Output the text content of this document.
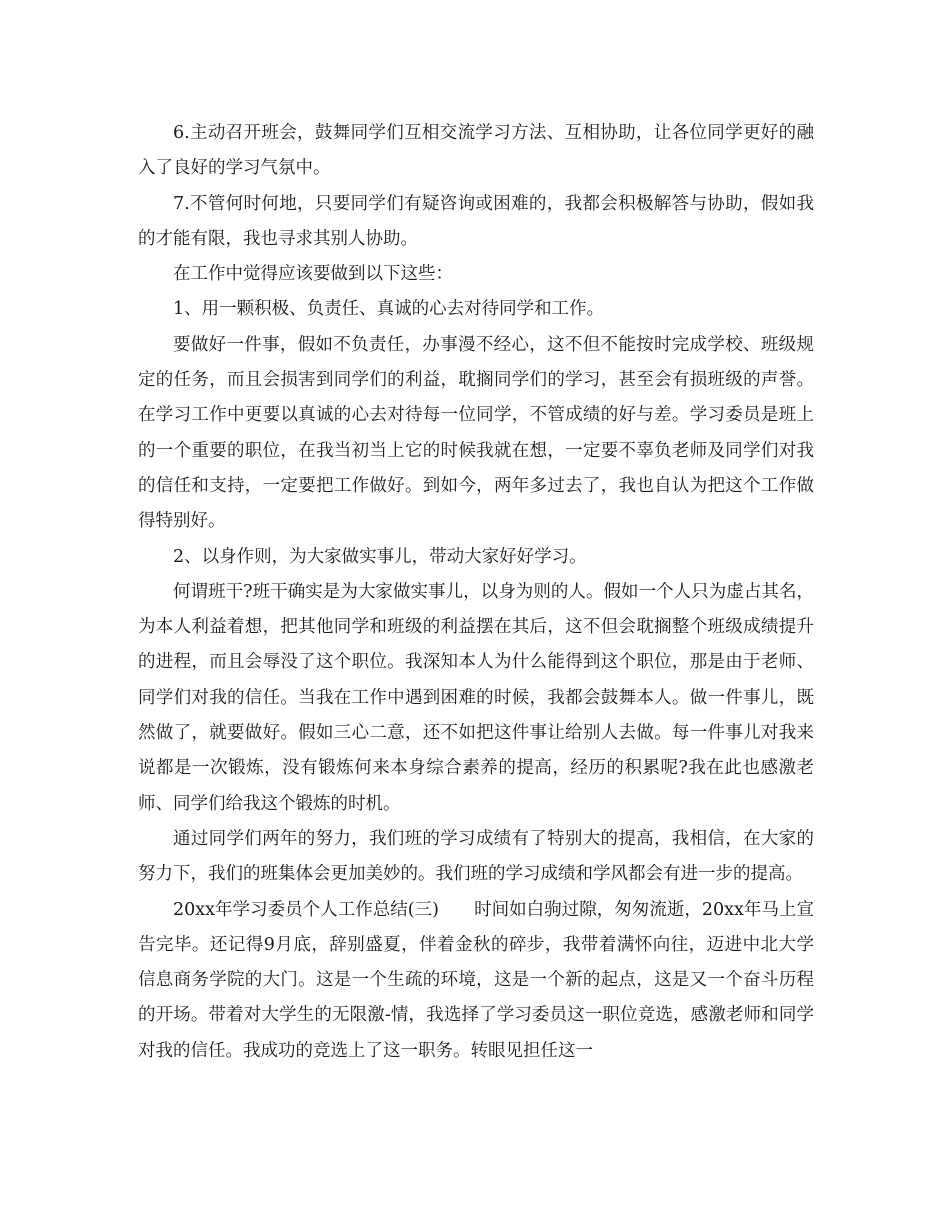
6.主动召开班会，鼓舞同学们互相交流学习方法、互相协助，让各位同学更好的融入了良好的学习气氛中。

7.不管何时何地，只要同学们有疑咨询或困难的，我都会积极解答与协助，假如我的才能有限，我也寻求其别人协助。

在工作中觉得应该要做到以下这些：

1、用一颗积极、负责任、真诚的心去对待同学和工作。

要做好一件事，假如不负责任，办事漫不经心，这不但不能按时完成学校、班级规定的任务，而且会损害到同学们的利益，耽搁同学们的学习，甚至会有损班级的声誉。在学习工作中更要以真诚的心去对待每一位同学，不管成绩的好与差。学习委员是班上的一个重要的职位，在我当初当上它的时候我就在想，一定要不辜负老师及同学们对我的信任和支持，一定要把工作做好。到如今，两年多过去了，我也自认为把这个工作做得特别好。

2、以身作则，为大家做实事儿，带动大家好好学习。

何谓班干?班干确实是为大家做实事儿，以身为则的人。假如一个人只为虚占其名，为本人利益着想，把其他同学和班级的利益摆在其后，这不但会耽搁整个班级成绩提升的进程，而且会辱没了这个职位。我深知本人为什么能得到这个职位，那是由于老师、同学们对我的信任。当我在工作中遇到困难的时候，我都会鼓舞本人。做一件事儿，既然做了，就要做好。假如三心二意，还不如把这件事让给别人去做。每一件事儿对我来说都是一次锻炼，没有锻炼何来本身综合素养的提高，经历的积累呢?我在此也感激老师、同学们给我这个锻炼的时机。

通过同学们两年的努力，我们班的学习成绩有了特别大的提高，我相信，在大家的努力下，我们的班集体会更加美妙的。我们班的学习成绩和学风都会有进一步的提高。

20xx年学习委员个人工作总结(三)　　时间如白驹过隙，匆匆流逝，20xx年马上宣告完毕。还记得9月底，辞别盛夏，伴着金秋的碎步，我带着满怀向往，迈进中北大学信息商务学院的大门。这是一个生疏的环境，这是一个新的起点，这是又一个奋斗历程的开场。带着对大学生的无限激-情，我选择了学习委员这一职位竞选，感激老师和同学对我的信任。我成功的竞选上了这一职务。转眼见担任这一
